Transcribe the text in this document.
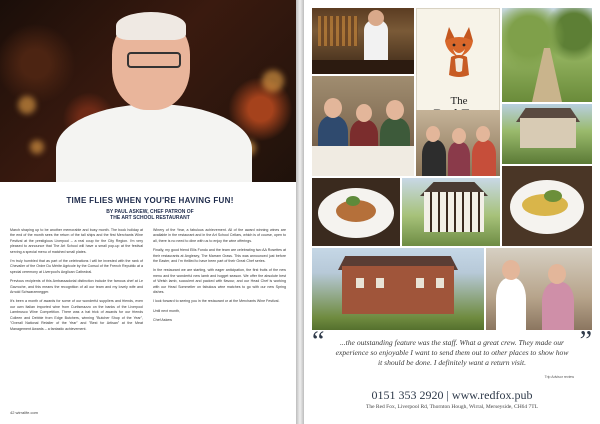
TIME FLIES WHEN YOU'RE HAVING FUN!
BY PAUL ASKEW, CHEF PATRON OF
THE ART SCHOOL RESTAURANT

March shaping up to be another memorable and busy month. The book holiday at the end of the month sees the return of the tall ships and the first Merchants Wine Festival at the prestigious Liverpool – a real coup for the City Region. I'm very pleased to announce that The Art School will have a small pop-up at the festival serving a special menu of matched small plates.

I'm truly humbled that as part of the celebrations I will be invested with the rank of Chevalier of the Ordre Du Mérite Agricole by the Consul of the French Republic at a special ceremony at Liverpool's Anglican Cathedral.

Previous recipients of this Ambassadorial distinction include the famous chef at Le Gavroche, and this means the recognition of all our team and my lovely wife and Arnold Schwarzenegger.

It's been a month of awards for some of our wonderful suppliers and friends, even our own Italian imported wine from Curtismazzo on the banks of the Liverpool Lambrusco Wine Competition. There was a hat trick of awards for our friends Colleen and Debbie from Edge Butchers, winning "Butcher Shop of the Year", "Overall National Retailer of the Year" and "Best for Artisan" at the Meat Management Awards – a fantastic achievement.

Winery of the Year, a fabulous achievement. All of the award winning wines are available in the restaurant and in the Art School Cellars, which is of course, open to all, there is no need to dine with us to enjoy the wine offerings.

Finally, my good friend Ellis Fondo and the team are celebrating two AA Rosettes at their restaurants at Anglesey, The Marram Grass. This was announced just before the Easter, and I'm thrilled to have been part of their Great Chef series.

In the restaurant we are starting, with eager anticipation, the first fruits of the new menu and the wonderful new lamb and hogget season. We offer the absolute best of Welsh lamb, succulent and packed with flavour, and our Head Chef is working with our Head Sommelier on fabulous wine matches to go with our new Spring dishes.

I look forward to seeing you in the restaurant or at the Merchants Wine Festival.

Until next month,

Chef Askew

42 wirralife.com
The
“	...the outstanding feature was the staff. What a great crew. They made our experience so enjoyable I want to send them out to other places to show how it should be done. I definitely want a return visit.
”
Trip Advisor review
0151 353 2920 | www.redfox.pub
The Red Fox, Liverpool Rd, Thornton Hough, Wirral, Merseyside, CH64 7TL
